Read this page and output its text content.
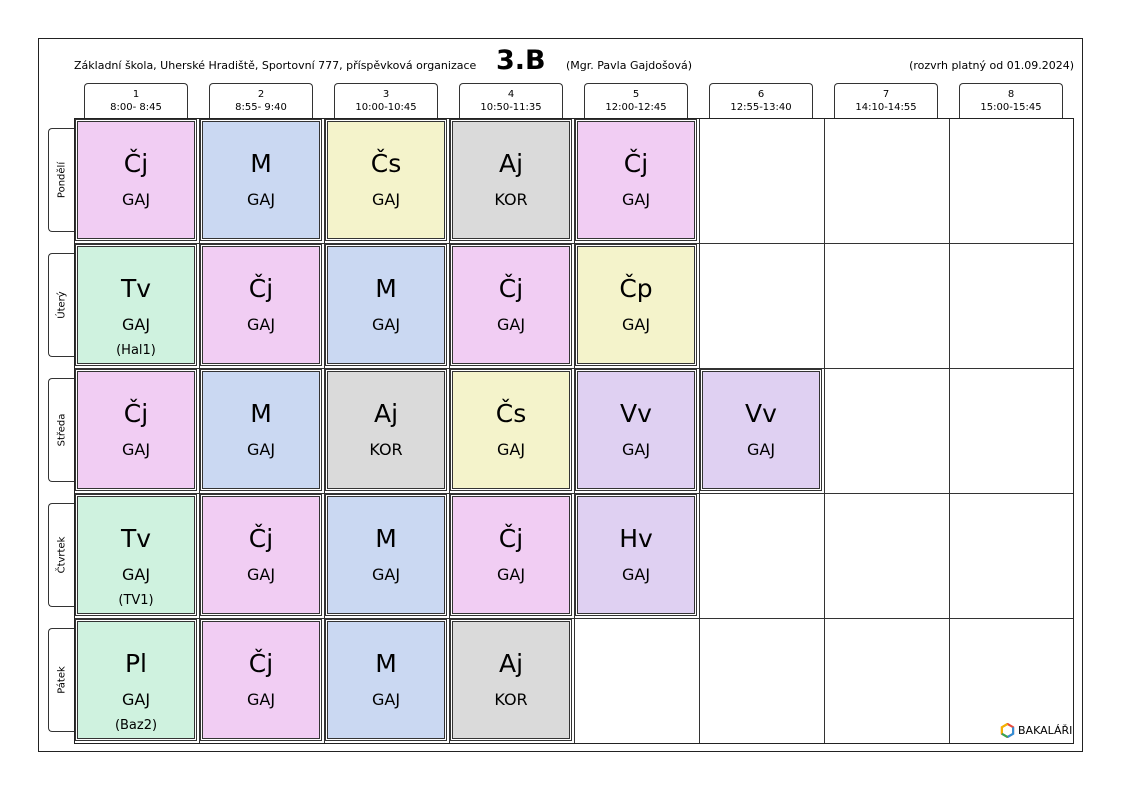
Základní škola, Uherské Hradiště, Sportovní 777, příspěvková organizace 3.B (Mgr. Pavla Gajdošová)	(rozvrh platný od 01.09.2024)
1
8:00- 8:45
2
8:55- 9:40
3
10:00-10:45
4
10:50-11:35
5
12:00-12:45
6
12:55-13:40
7
14:10-14:55
8
15:00-15:45
Pondělí
Úterý
Středa
Čtvrtek
Pátek
Čj
GAJ
M
GAJ
Čs
GAJ
Aj
KOR
Čj
GAJ
Tv
GAJ
(Hal1)
Čj
GAJ
M
GAJ
Čj
GAJ
Čp
GAJ
Čj
GAJ
M
GAJ
Aj
KOR
Čs
GAJ
Vv
GAJ
Vv
GAJ
Tv
GAJ
(TV1)
Čj
GAJ
M
GAJ
Čj
GAJ
Hv
GAJ
Pl
GAJ
(Baz2)
Čj
GAJ
M
GAJ
Aj
KOR
BAKALÁŘI
